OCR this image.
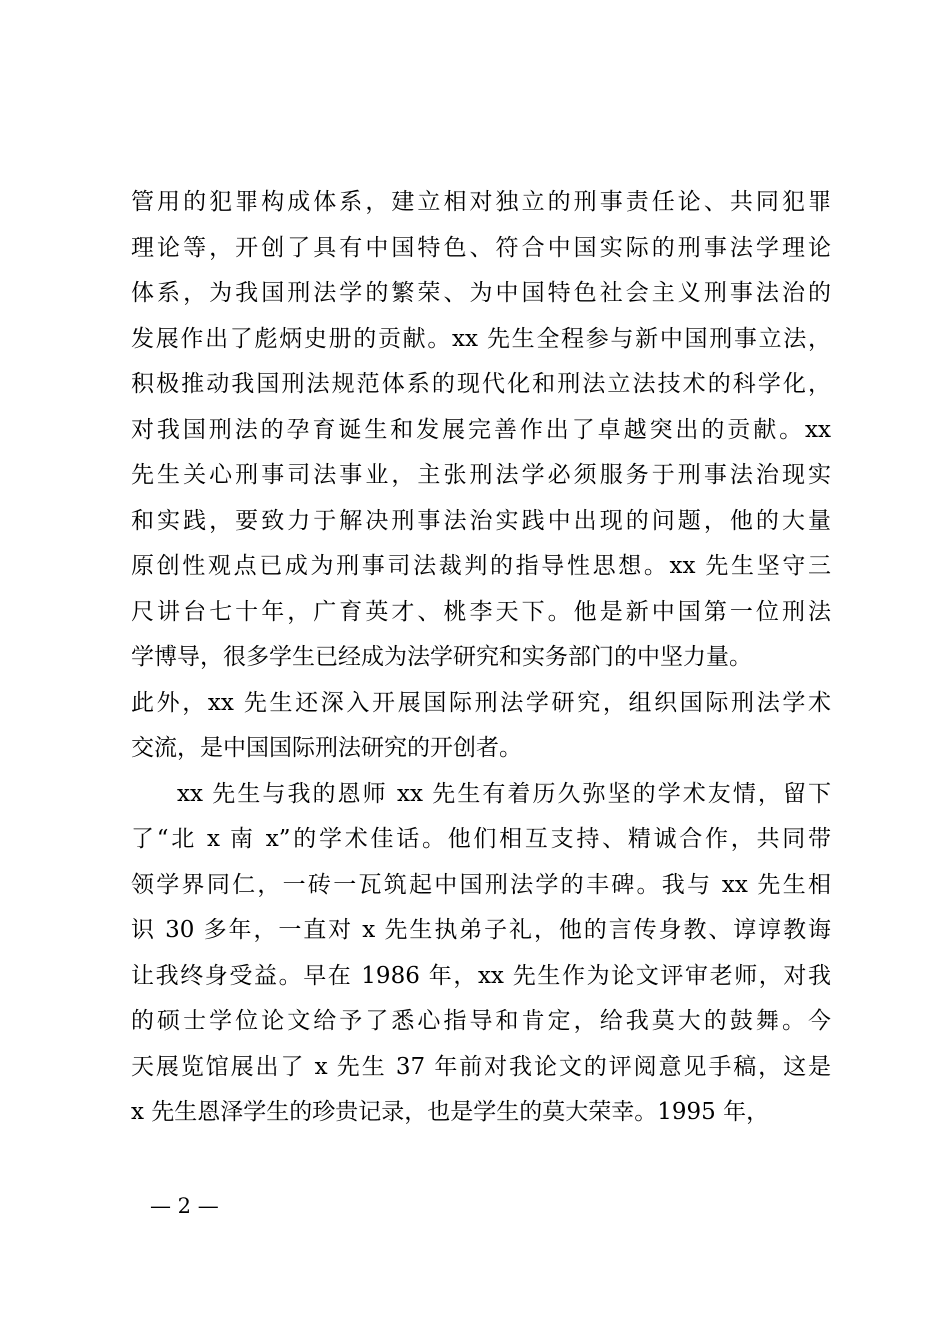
管用的犯罪构成体系，建立相对独立的刑事责任论、共同犯罪
理论等，开创了具有中国特色、符合中国实际的刑事法学理论
体系，为我国刑法学的繁荣、为中国特色社会主义刑事法治的
发展作出了彪炳史册的贡献。xx 先生全程参与新中国刑事立法，
积极推动我国刑法规范体系的现代化和刑法立法技术的科学化，
对我国刑法的孕育诞生和发展完善作出了卓越突出的贡献。xx
先生关心刑事司法事业，主张刑法学必须服务于刑事法治现实
和实践，要致力于解决刑事法治实践中出现的问题，他的大量
原创性观点已成为刑事司法裁判的指导性思想。xx 先生坚守三
尺讲台七十年，广育英才、桃李天下。他是新中国第一位刑法
学博导，很多学生已经成为法学研究和实务部门的中坚力量。
此外，xx 先生还深入开展国际刑法学研究，组织国际刑法学术
交流，是中国国际刑法研究的开创者。
xx 先生与我的恩师 xx 先生有着历久弥坚的学术友情，留下
了“北 x 南 x”的学术佳话。他们相互支持、精诚合作，共同带
领学界同仁，一砖一瓦筑起中国刑法学的丰碑。我与 xx 先生相
识 30 多年，一直对 x 先生执弟子礼，他的言传身教、谆谆教诲
让我终身受益。早在 1986 年，xx 先生作为论文评审老师，对我
的硕士学位论文给予了悉心指导和肯定，给我莫大的鼓舞。今
天展览馆展出了 x 先生 37 年前对我论文的评阅意见手稿，这是
x 先生恩泽学生的珍贵记录，也是学生的莫大荣幸。1995 年，
— 2 —
